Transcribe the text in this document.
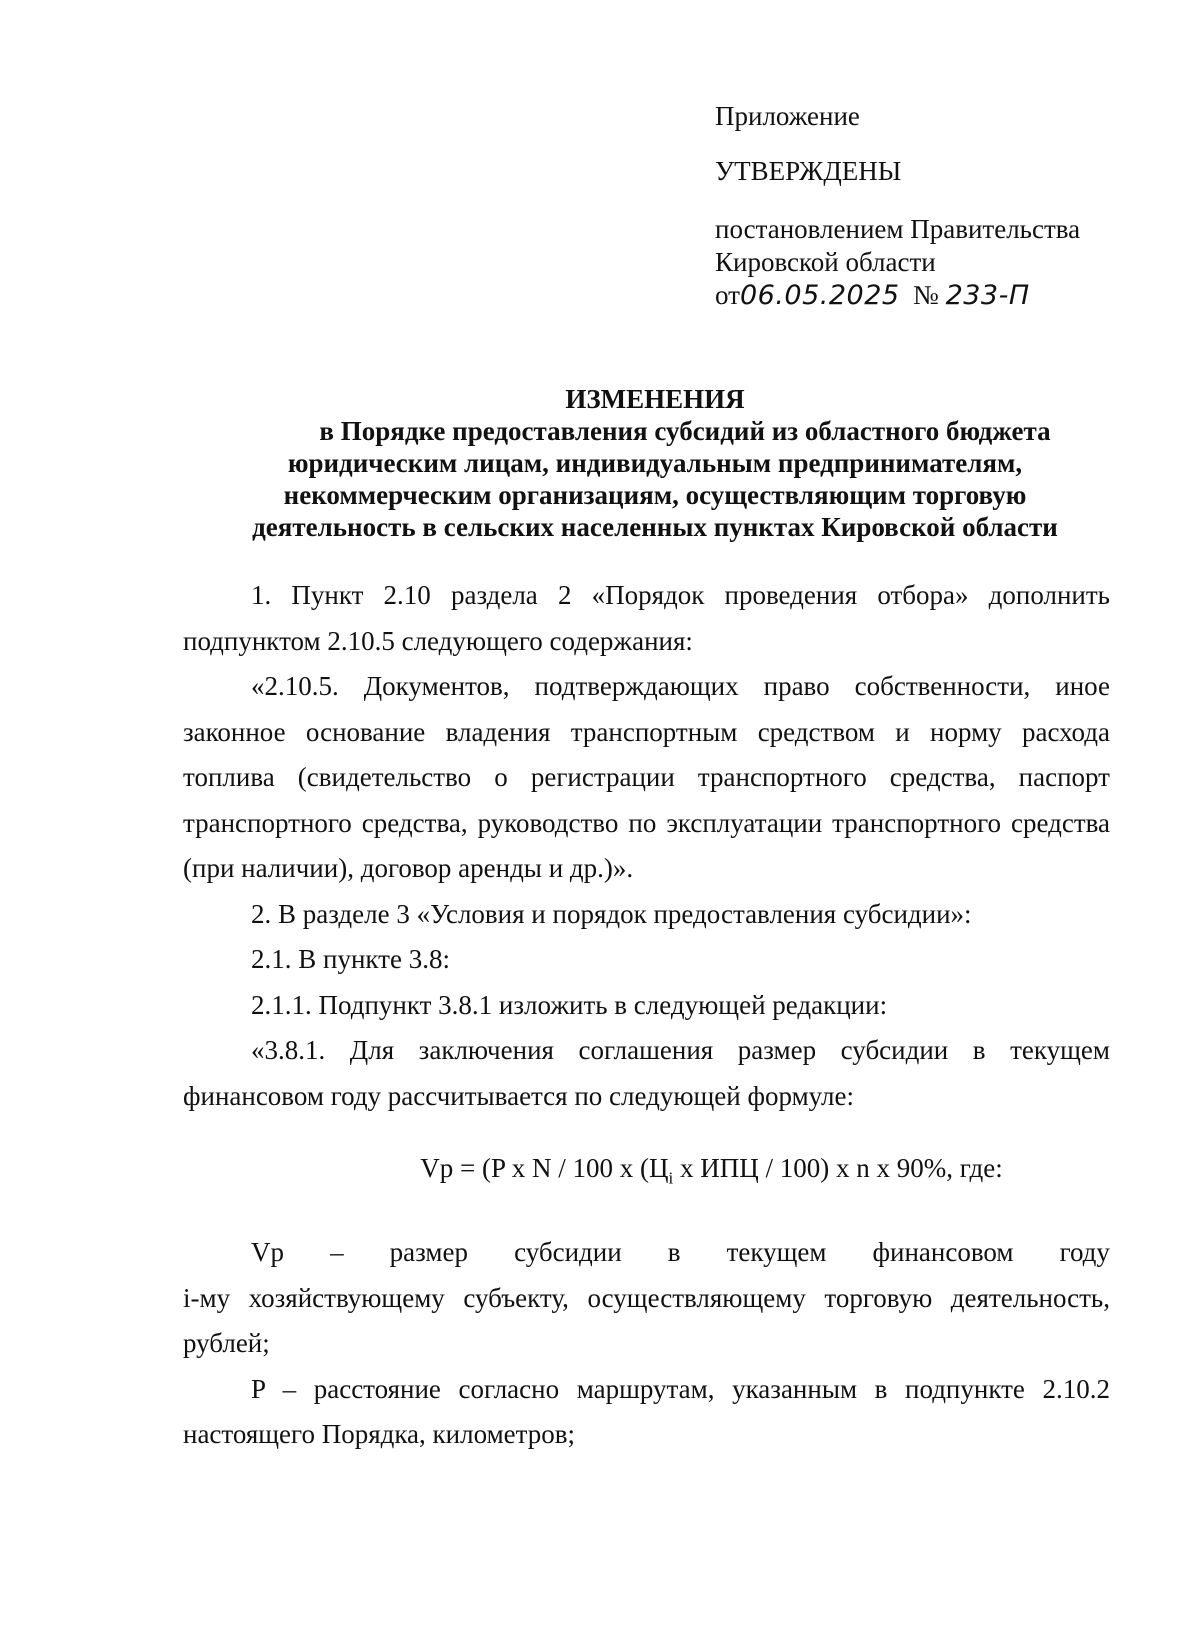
Приложение
УТВЕРЖДЕНЫ
постановлением Правительства
Кировской области
от06.05.2025 № 233-П
ИЗМЕНЕНИЯ
в Порядке предоставления субсидий из областного бюджета
юридическим лицам, индивидуальным предпринимателям,
некоммерческим организациям, осуществляющим торговую
деятельность в сельских населенных пунктах Кировской области

1. Пункт 2.10 раздела 2 «Порядок проведения отбора» дополнить подпунктом 2.10.5 следующего содержания:

«2.10.5. Документов, подтверждающих право собственности, иное законное основание владения транспортным средством и норму расхода топлива (свидетельство о регистрации транспортного средства, паспорт транспортного средства, руководство по эксплуатации транспортного средства (при наличии), договор аренды и др.)».

2. В разделе 3 «Условия и порядок предоставления субсидии»:

2.1. В пункте 3.8:

2.1.1. Подпункт 3.8.1 изложить в следующей редакции:

«3.8.1. Для заключения соглашения размер субсидии в текущем финансовом году рассчитывается по следующей формуле:

Vp = (P x N / 100 x ($Ц_i$ x ИПЦ / 100) x n x 90%, где:
Vp – размер субсидии в текущем финансовом году
i-му хозяйствующему субъекту, осуществляющему торговую деятельность, рублей;

P – расстояние согласно маршрутам, указанным в подпункте 2.10.2 настоящего Порядка, километров;
